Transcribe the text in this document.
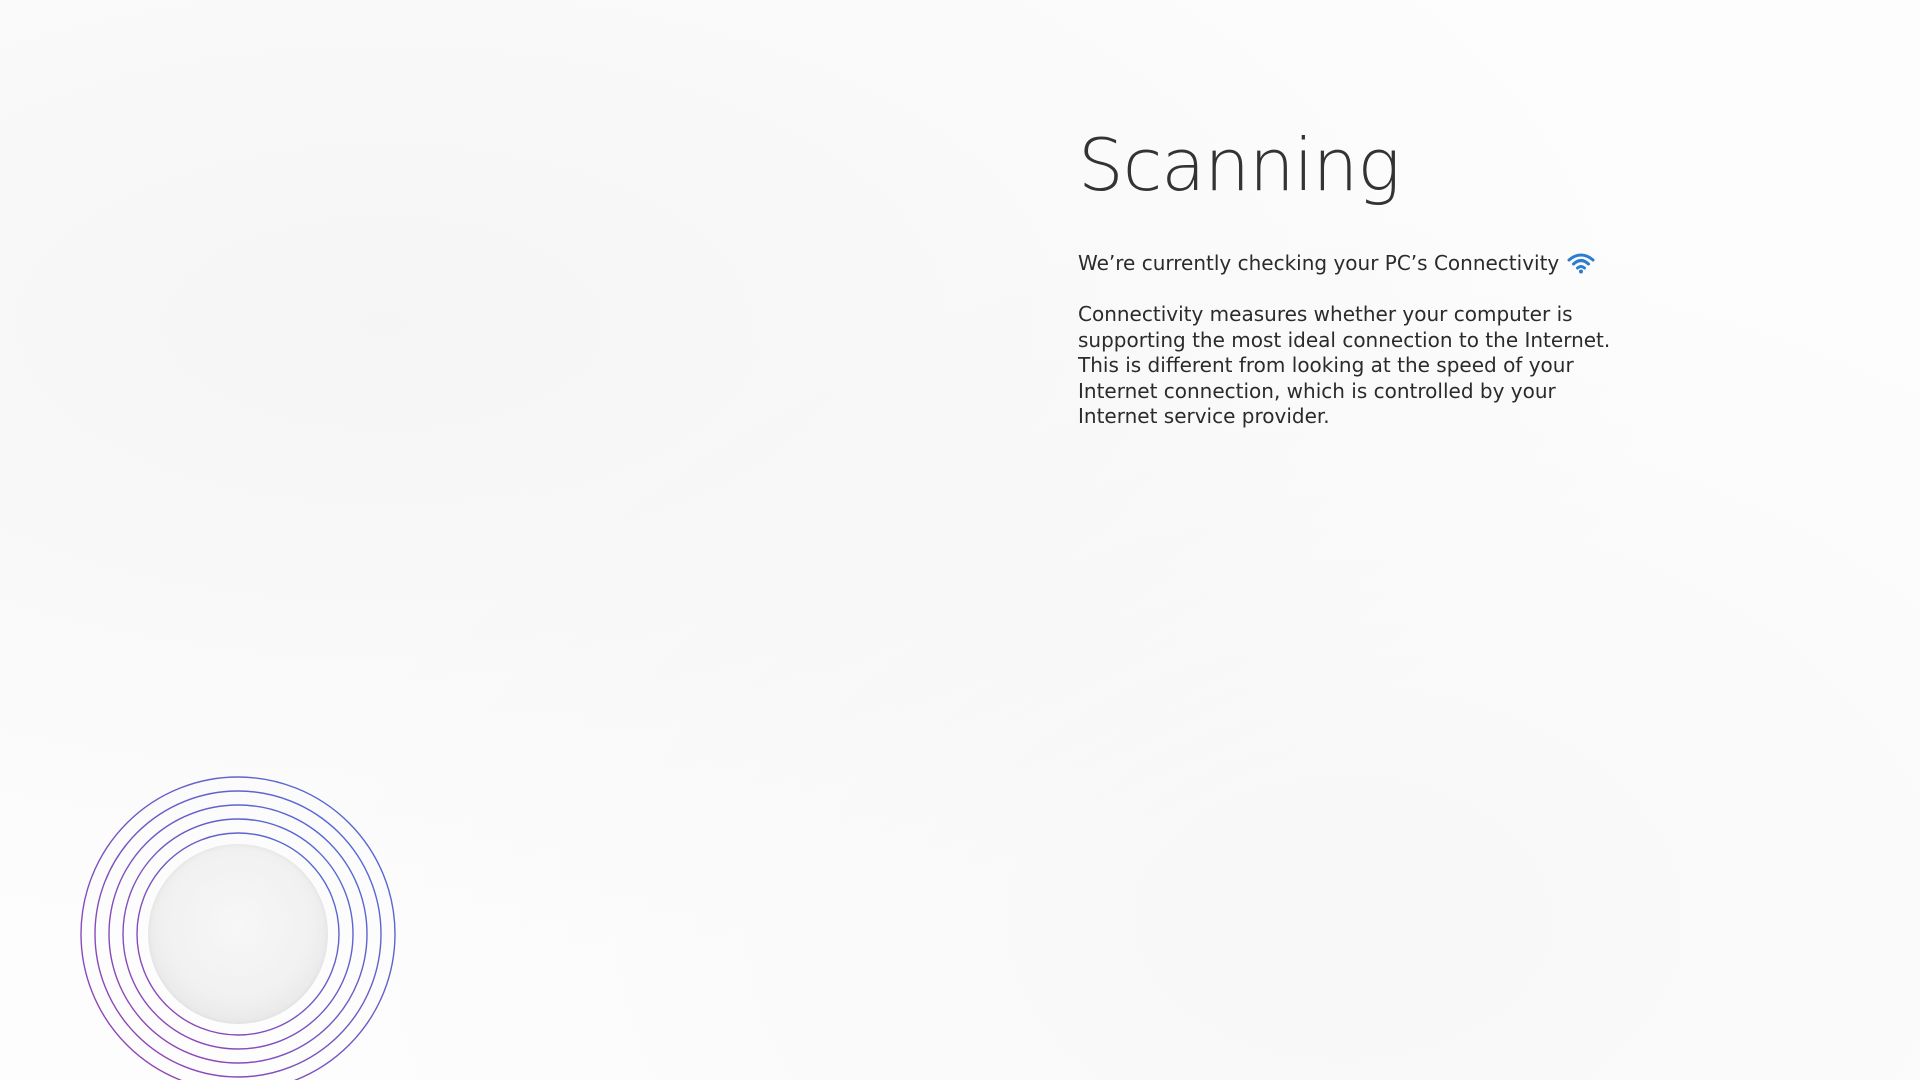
Scanning
We’re currently checking your PC’s Connectivity
Connectivity measures whether your computer is supporting the most ideal connection to the Internet. This is different from looking at the speed of your Internet connection, which is controlled by your Internet service provider.
